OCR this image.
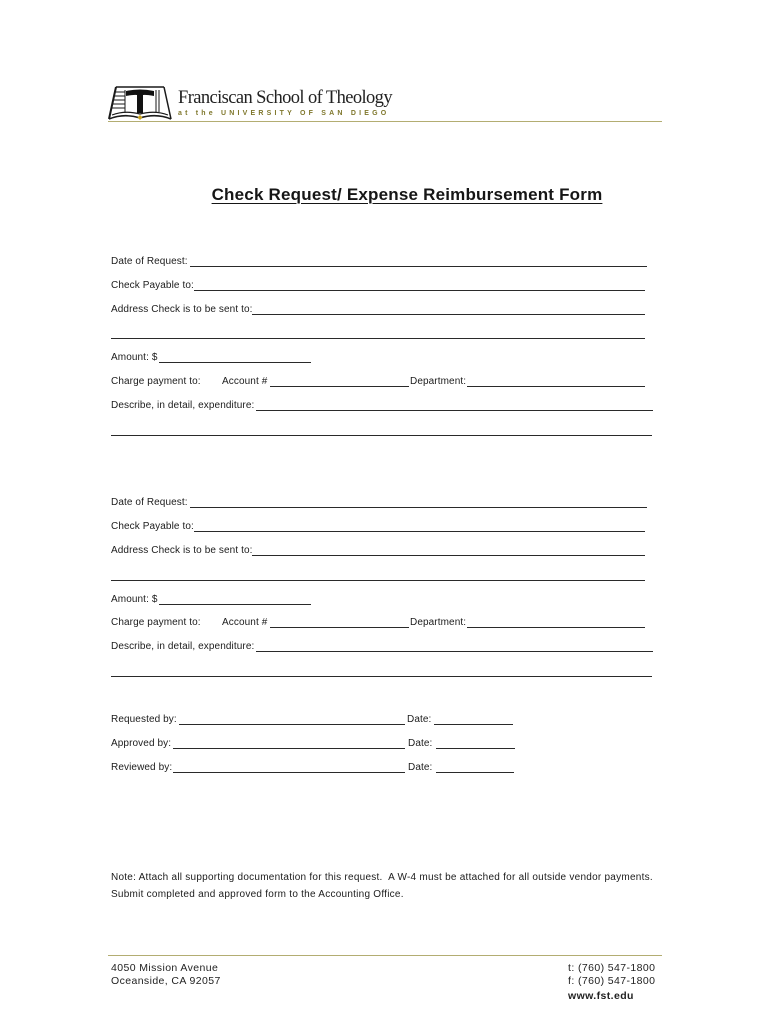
Franciscan School of Theology
at the UNIVERSITY OF SAN DIEGO
Check Request/ Expense Reimbursement Form
Date of Request:
Check Payable to:
Address Check is to be sent to:
Amount: $
Charge payment to: Account #	Department:
Describe, in detail, expenditure:
Date of Request:
Check Payable to:
Address Check is to be sent to:
Amount: $
Charge payment to: Account #	Department:
Describe, in detail, expenditure:
Requested by:	Date:
Approved by:	Date:
Reviewed by:	Date:
Note: Attach all supporting documentation for this request.  A W-4 must be attached for all outside vendor payments.
Submit completed and approved form to the Accounting Office.
4050 Mission Avenue
Oceanside, CA 92057
t: (760) 547-1800
f: (760) 547-1800
www.fst.edu
